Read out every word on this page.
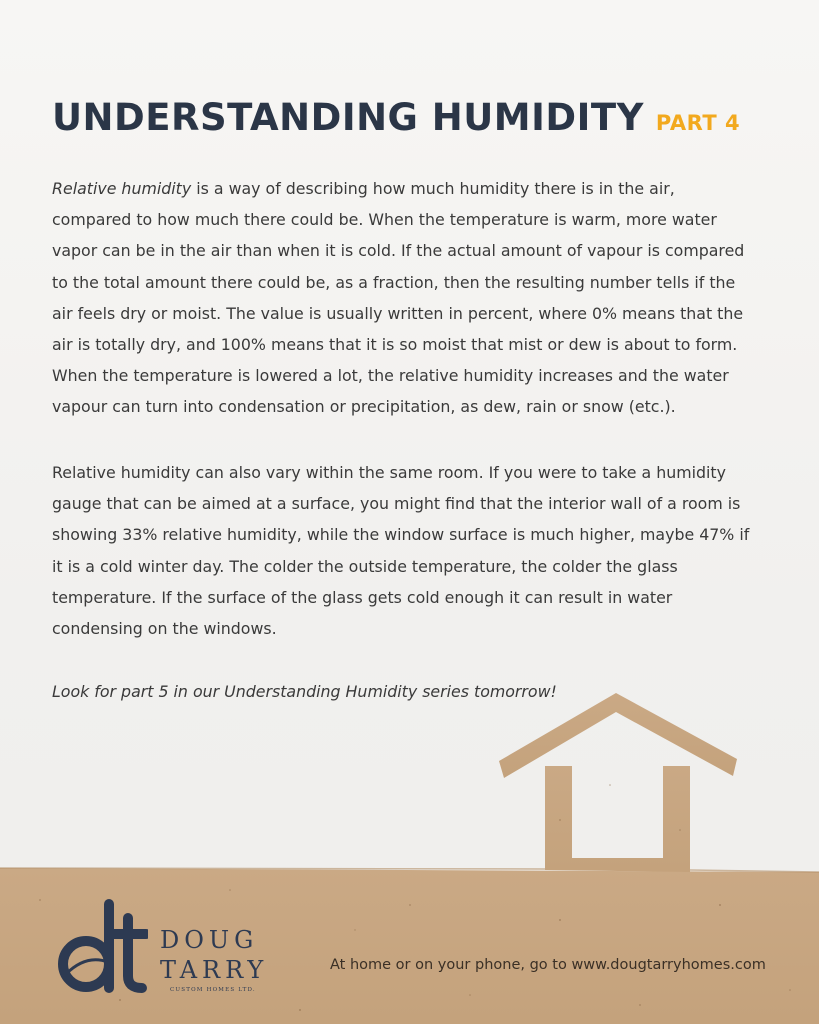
UNDERSTANDING HUMIDITY PART 4

Relative humidity is a way of describing how much humidity there is in the air, compared to how much there could be. When the temperature is warm, more water vapor can be in the air than when it is cold. If the actual amount of vapour is compared to the total amount there could be, as a fraction, then the resulting number tells if the air feels dry or moist. The value is usually written in percent, where 0% means that the air is totally dry, and 100% means that it is so moist that mist or dew is about to form. When the temperature is lowered a lot, the relative humidity increases and the water vapour can turn into condensation or precipitation, as dew, rain or snow (etc.).

Relative humidity can also vary within the same room. If you were to take a humidity gauge that can be aimed at a surface, you might find that the interior wall of a room is showing 33% relative humidity, while the window surface is much higher, maybe 47% if it is a cold winter day. The colder the outside temperature, the colder the glass temperature. If the surface of the glass gets cold enough it can result in water condensing on the windows.

Look for part 5 in our Understanding Humidity series tomorrow!

DOUG
TARRY
CUSTOM HOMES LTD.
At home or on your phone, go to www.dougtarryhomes.com
